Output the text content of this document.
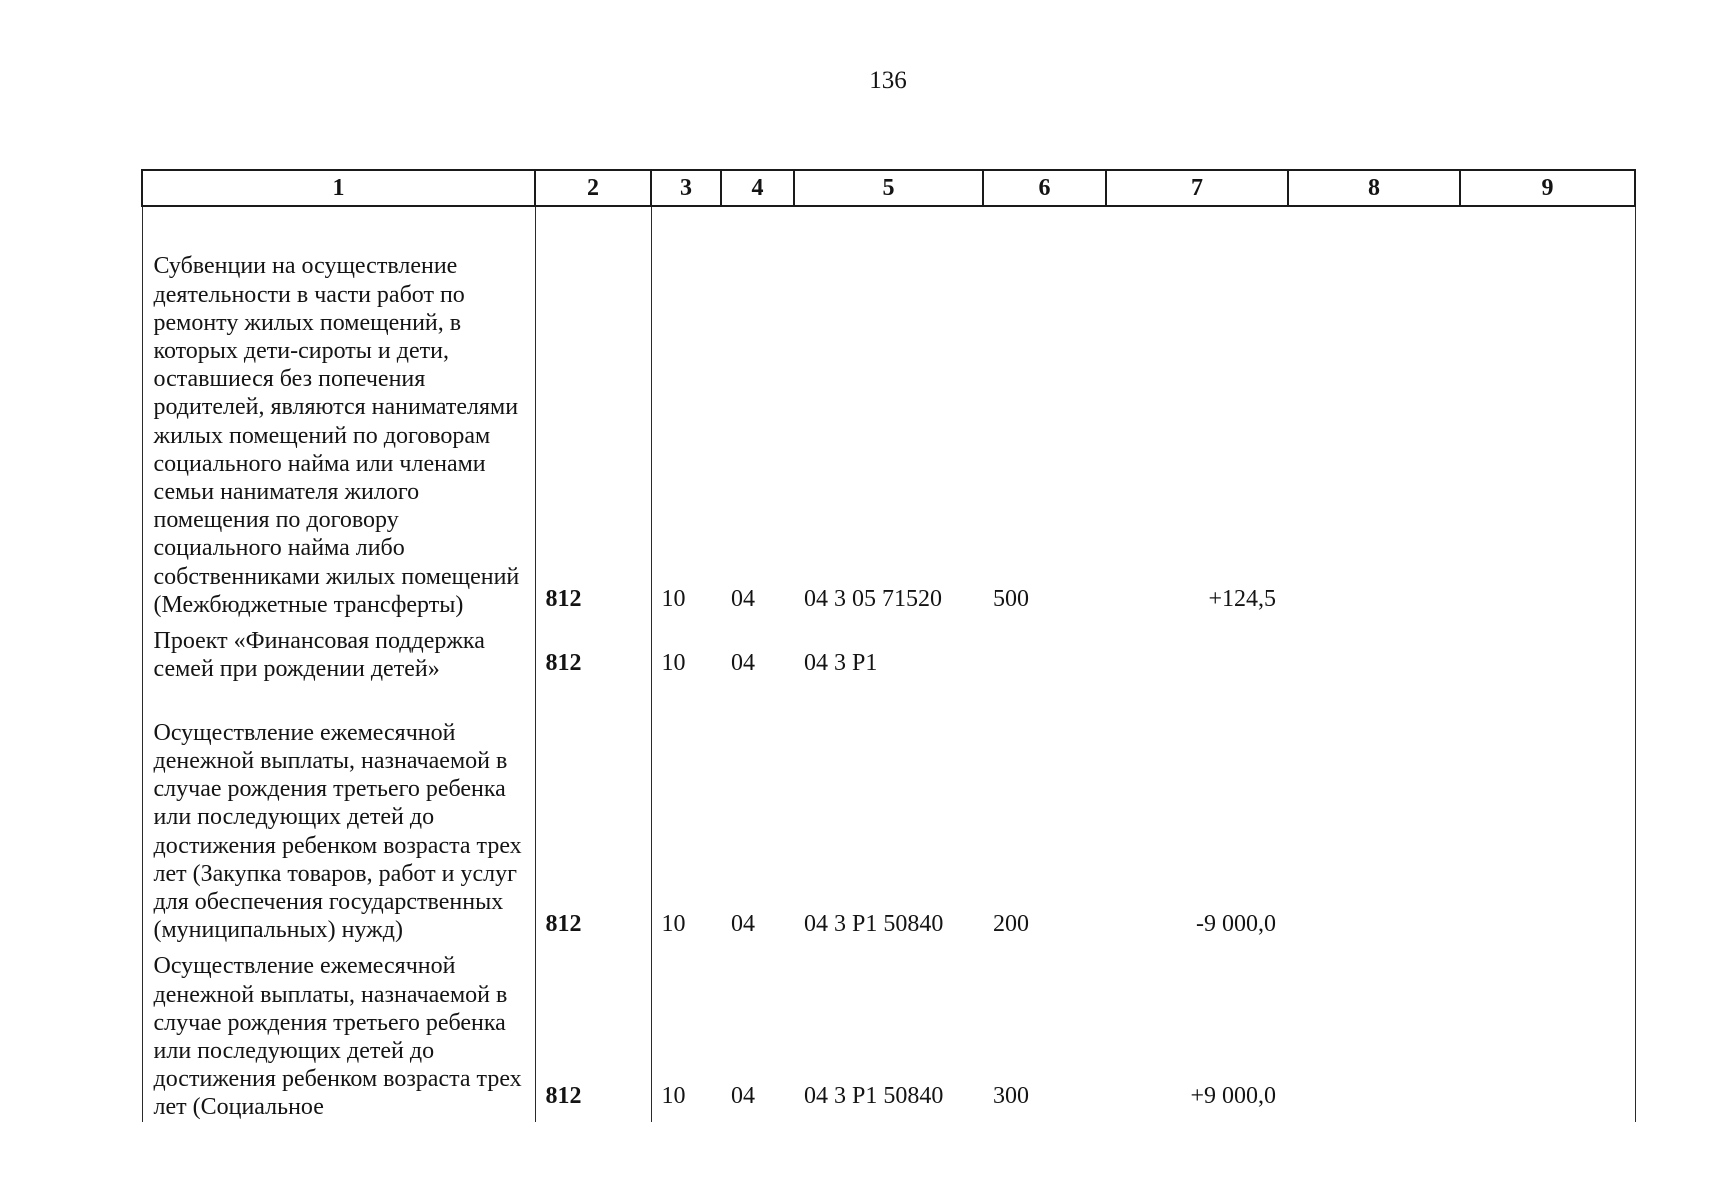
136
1	2	3	4	5	6	7	8	9
Субвенции на осуществление деятельности в части работ по ремонту жилых помещений, в которых дети-сироты и дети, оставшиеся без попечения родителей, являются нанимателями жилых помещений по договорам социального найма или членами семьи нанимателя жилого помещения по договору социального найма либо собственниками жилых помещений (Межбюджетные трансферты)	812	10	04	04 3 05 71520	500	+124,5		
Проект «Финансовая поддержка семей при рождении детей»	812	10	04	04 3 P1				
Осуществление ежемесячной денежной выплаты, назначаемой в случае рождения третьего ребенка или последующих детей до достижения ребенком возраста трех лет (Закупка товаров, работ и услуг для обеспечения государственных (муниципальных) нужд)	812	10	04	04 3 P1 50840	200	-9 000,0		
Осуществление ежемесячной денежной выплаты, назначаемой в случае рождения третьего ребенка или последующих детей до достижения ребенком возраста трех лет (Социальное	812	10	04	04 3 P1 50840	300	+9 000,0		
